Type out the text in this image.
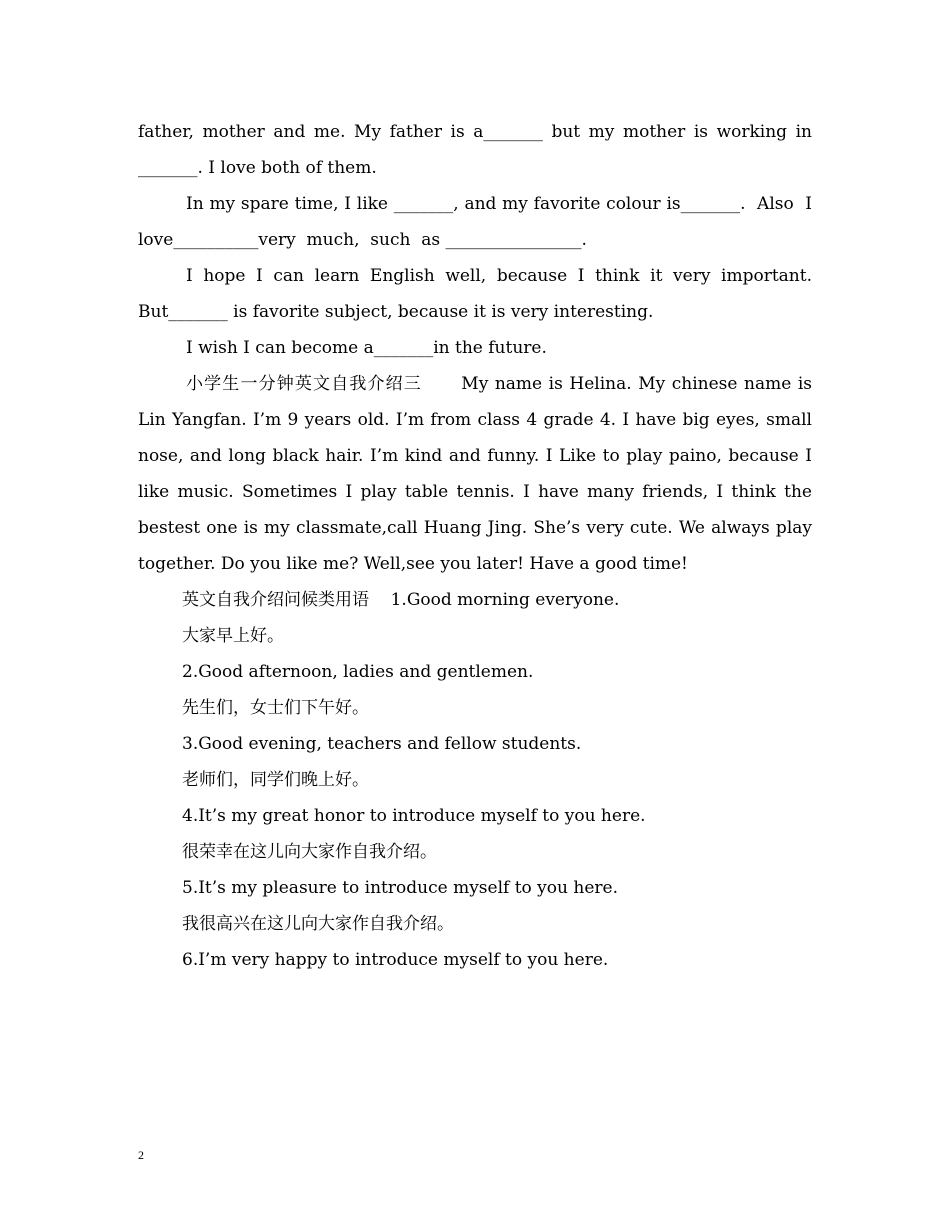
father, mother and me. My father is a_______ but my mother is working in _______. I love both of them.

In my spare time, I like _______, and my favorite colour is_______.  Also  I  love__________very  much,  such  as ________________.

I hope I can learn English well, because I think it very important. But_______ is favorite subject, because it is very interesting.

I wish I can become a_______in the future.

小学生一分钟英文自我介绍三      My name is Helina. My chinese name is Lin Yangfan. I’m 9 years old. I’m from class 4 grade 4. I have big eyes, small nose, and long black hair. I’m kind and funny. I Like to play paino, because I like music. Sometimes I play table tennis. I have many friends, I think the bestest one is my classmate,call Huang Jing. She’s very cute. We always play together. Do you like me? Well,see you later! Have a good time!

英文自我介绍问候类用语    1.Good morning everyone.

大家早上好。

2.Good afternoon, ladies and gentlemen.

先生们，女士们下午好。

3.Good evening, teachers and fellow students.

老师们，同学们晚上好。

4.It’s my great honor to introduce myself to you here.

很荣幸在这儿向大家作自我介绍。

5.It’s my pleasure to introduce myself to you here.

我很高兴在这儿向大家作自我介绍。

6.I’m very happy to introduce myself to you here.

2
